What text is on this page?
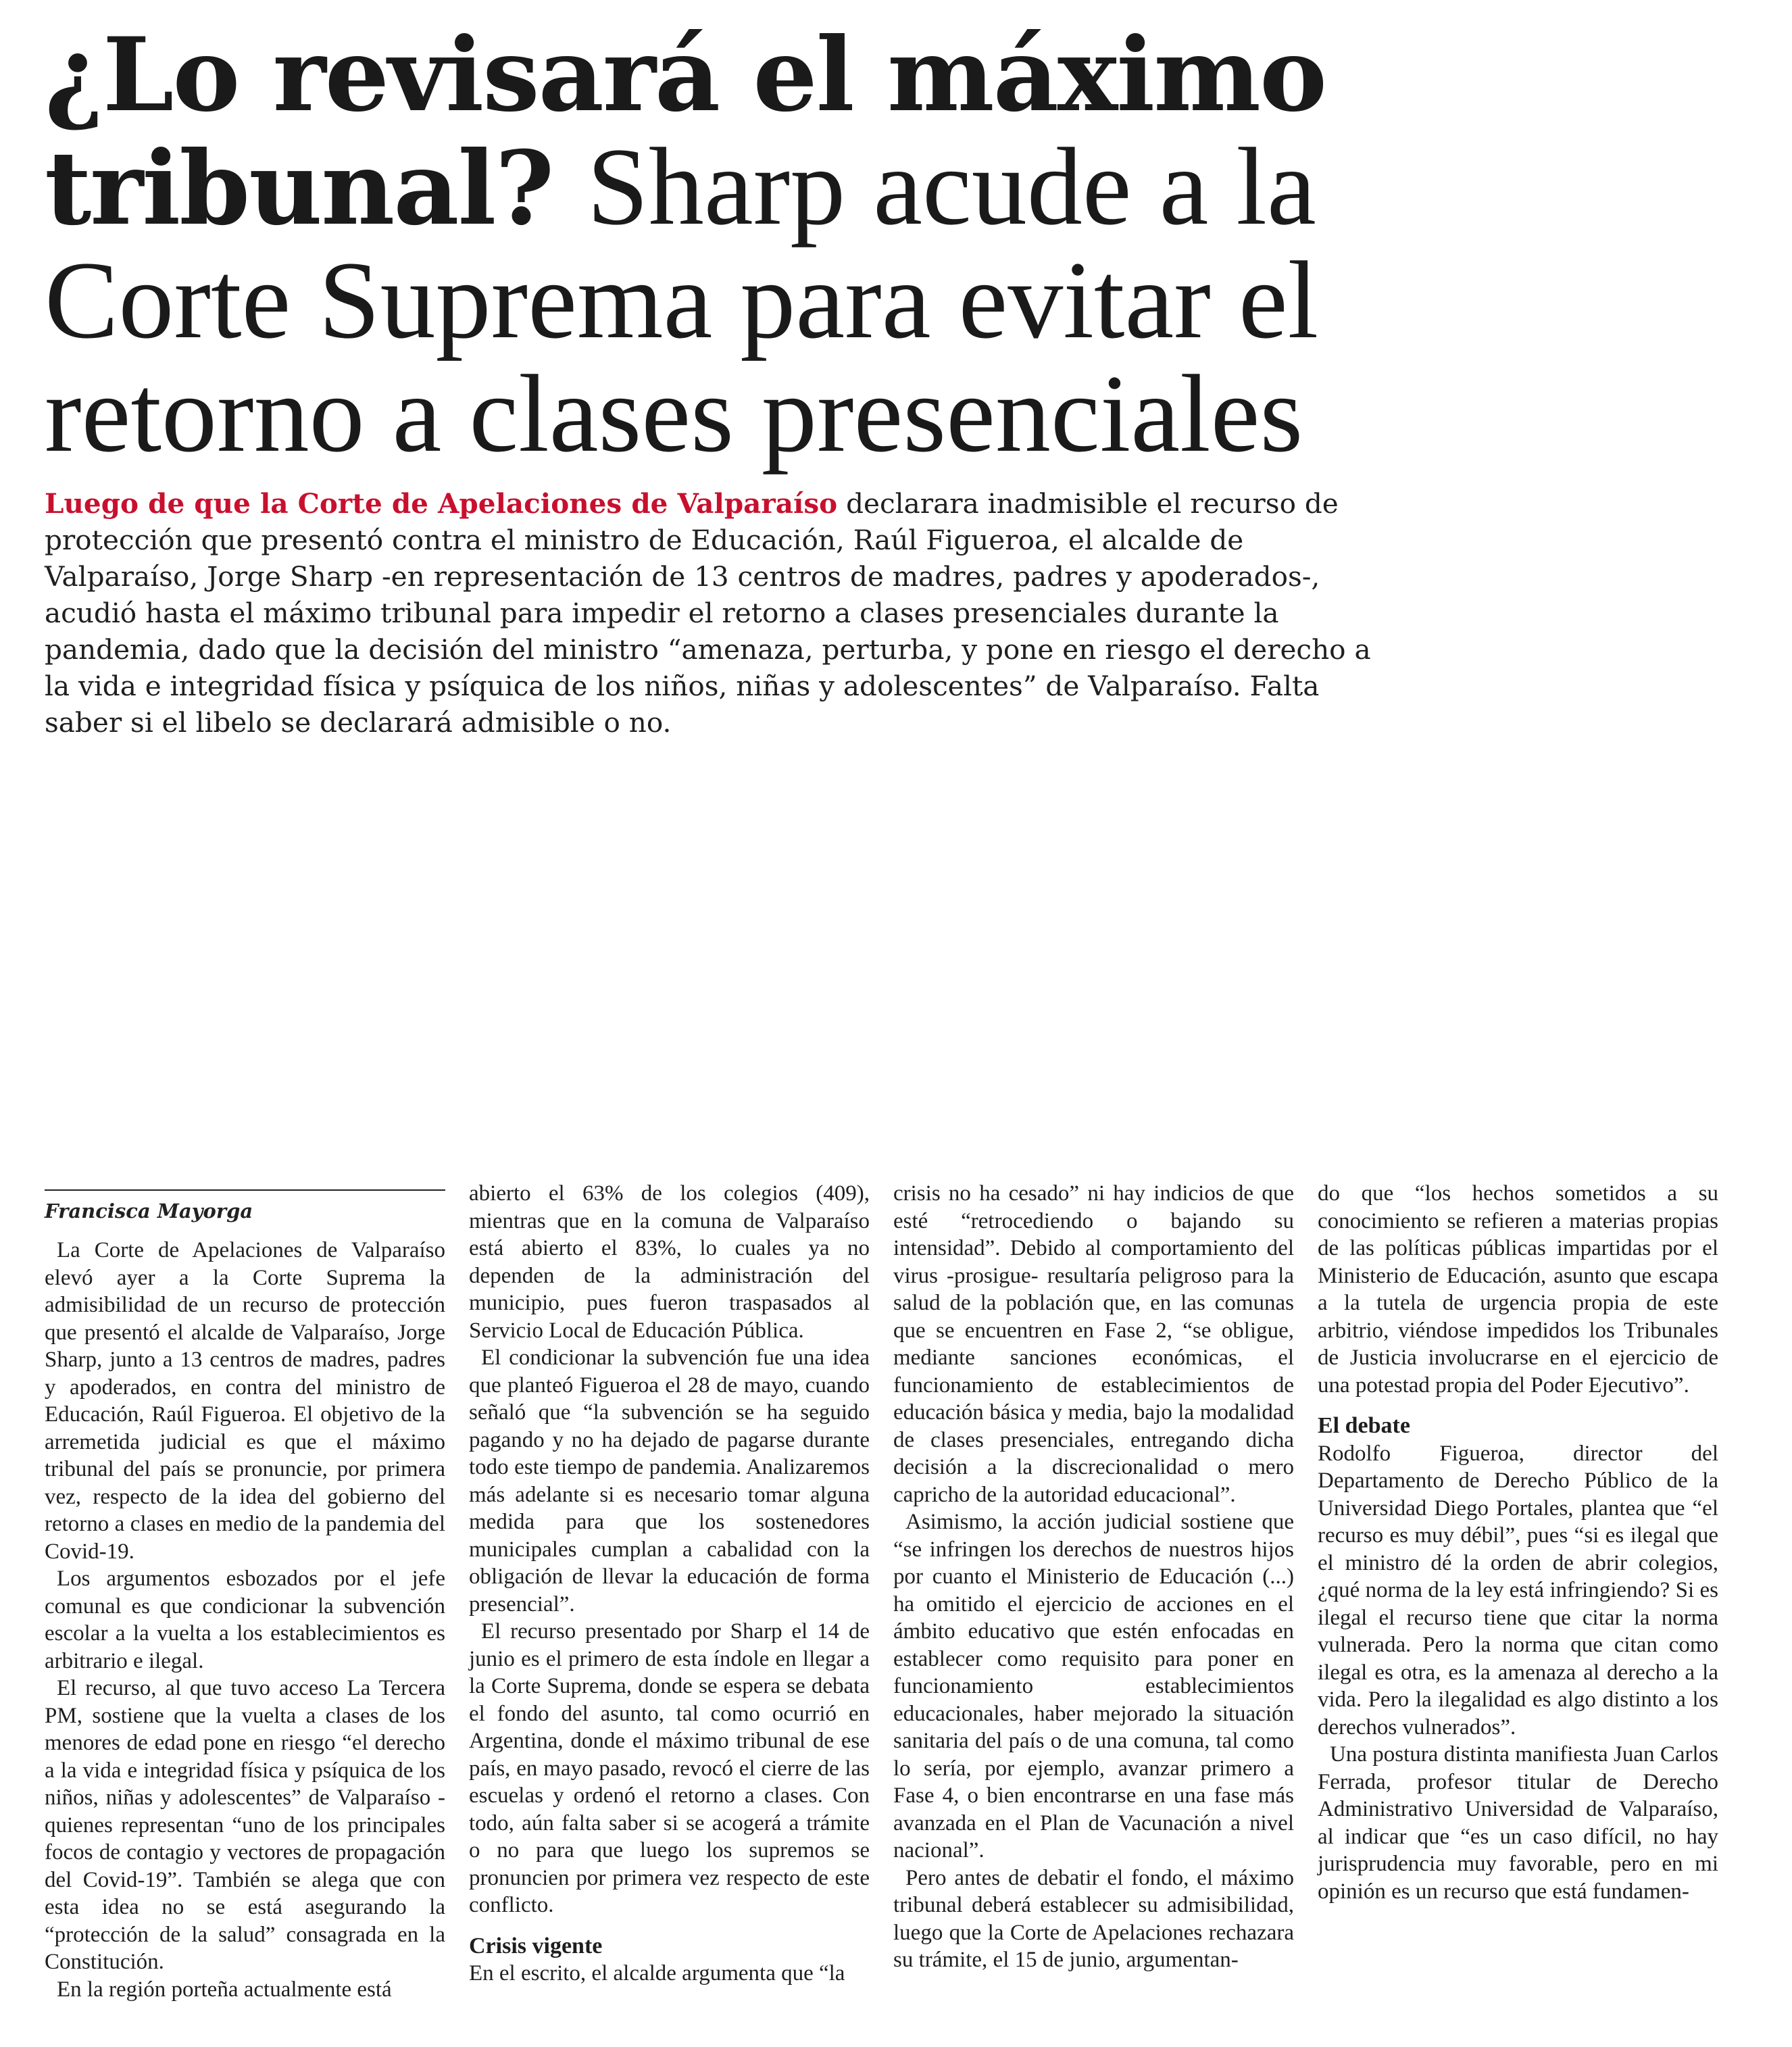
¿Lo revisará el máximo tribunal? Sharp acude a la Corte Suprema para evitar el retorno a clases presenciales

Luego de que la Corte de Apelaciones de Valparaíso declarara inadmisible el recurso de protección que presentó contra el ministro de Educación, Raúl Figueroa, el alcalde de Valparaíso, Jorge Sharp -en representación de 13 centros de madres, padres y apoderados-, acudió hasta el máximo tribunal para impedir el retorno a clases presenciales durante la pandemia, dado que la decisión del ministro “amenaza, perturba, y pone en riesgo el derecho a la vida e integridad física y psíquica de los niños, niñas y adolescentes” de Valparaíso. Falta saber si el libelo se declarará admisible o no.

Francisca Mayorga

La Corte de Apelaciones de Valparaíso elevó ayer a la Corte Suprema la admisibilidad de un recurso de protección que presentó el alcalde de Valparaíso, Jorge Sharp, junto a 13 centros de madres, padres y apoderados, en contra del ministro de Educación, Raúl Figueroa. El objetivo de la arremetida judicial es que el máximo tribunal del país se pronuncie, por primera vez, respecto de la idea del gobierno del retorno a clases en medio de la pandemia del Covid-19.

Los argumentos esbozados por el jefe comunal es que condicionar la subvención escolar a la vuelta a los establecimientos es arbitrario e ilegal.

El recurso, al que tuvo acceso La Tercera PM, sostiene que la vuelta a clases de los menores de edad pone en riesgo “el derecho a la vida e integridad física y psíquica de los niños, niñas y adolescentes” de Valparaíso -quienes representan “uno de los principales focos de contagio y vectores de propagación del Covid-19”. También se alega que con esta idea no se está asegurando la “protección de la salud” consagrada en la Constitución.

En la región porteña actualmente está

abierto el 63% de los colegios (409), mientras que en la comuna de Valparaíso está abierto el 83%, lo cuales ya no dependen de la administración del municipio, pues fueron traspasados al Servicio Local de Educación Pública.

El condicionar la subvención fue una idea que planteó Figueroa el 28 de mayo, cuando señaló que “la subvención se ha seguido pagando y no ha dejado de pagarse durante todo este tiempo de pandemia. Analizaremos más adelante si es necesario tomar alguna medida para que los sostenedores municipales cumplan a cabalidad con la obligación de llevar la educación de forma presencial”.

El recurso presentado por Sharp el 14 de junio es el primero de esta índole en llegar a la Corte Suprema, donde se espera se debata el fondo del asunto, tal como ocurrió en Argentina, donde el máximo tribunal de ese país, en mayo pasado, revocó el cierre de las escuelas y ordenó el retorno a clases. Con todo, aún falta saber si se acogerá a trámite o no para que luego los supremos se pronuncien por primera vez respecto de este conflicto.

Crisis vigente

En el escrito, el alcalde argumenta que “la

crisis no ha cesado” ni hay indicios de que esté “retrocediendo o bajando su intensidad”. Debido al comportamiento del virus -prosigue- resultaría peligroso para la salud de la población que, en las comunas que se encuentren en Fase 2, “se obligue, mediante sanciones económicas, el funcionamiento de establecimientos de educación básica y media, bajo la modalidad de clases presenciales, entregando dicha decisión a la discrecionalidad o mero capricho de la autoridad educacional”.

Asimismo, la acción judicial sostiene que “se infringen los derechos de nuestros hijos por cuanto el Ministerio de Educación (...) ha omitido el ejercicio de acciones en el ámbito educativo que estén enfocadas en establecer como requisito para poner en funcionamiento establecimientos educacionales, haber mejorado la situación sanitaria del país o de una comuna, tal como lo sería, por ejemplo, avanzar primero a Fase 4, o bien encontrarse en una fase más avanzada en el Plan de Vacunación a nivel nacional”.

Pero antes de debatir el fondo, el máximo tribunal deberá establecer su admisibilidad, luego que la Corte de Apelaciones rechazara su trámite, el 15 de junio, argumentan-

do que “los hechos sometidos a su conocimiento se refieren a materias propias de las políticas públicas impartidas por el Ministerio de Educación, asunto que escapa a la tutela de urgencia propia de este arbitrio, viéndose impedidos los Tribunales de Justicia involucrarse en el ejercicio de una potestad propia del Poder Ejecutivo”.

El debate

Rodolfo Figueroa, director del Departamento de Derecho Público de la Universidad Diego Portales, plantea que “el recurso es muy débil”, pues “si es ilegal que el ministro dé la orden de abrir colegios, ¿qué norma de la ley está infringiendo? Si es ilegal el recurso tiene que citar la norma vulnerada. Pero la norma que citan como ilegal es otra, es la amenaza al derecho a la vida. Pero la ilegalidad es algo distinto a los derechos vulnerados”.

Una postura distinta manifiesta Juan Carlos Ferrada, profesor titular de Derecho Administrativo Universidad de Valparaíso, al indicar que “es un caso difícil, no hay jurisprudencia muy favorable, pero en mi opinión es un recurso que está fundamen-
